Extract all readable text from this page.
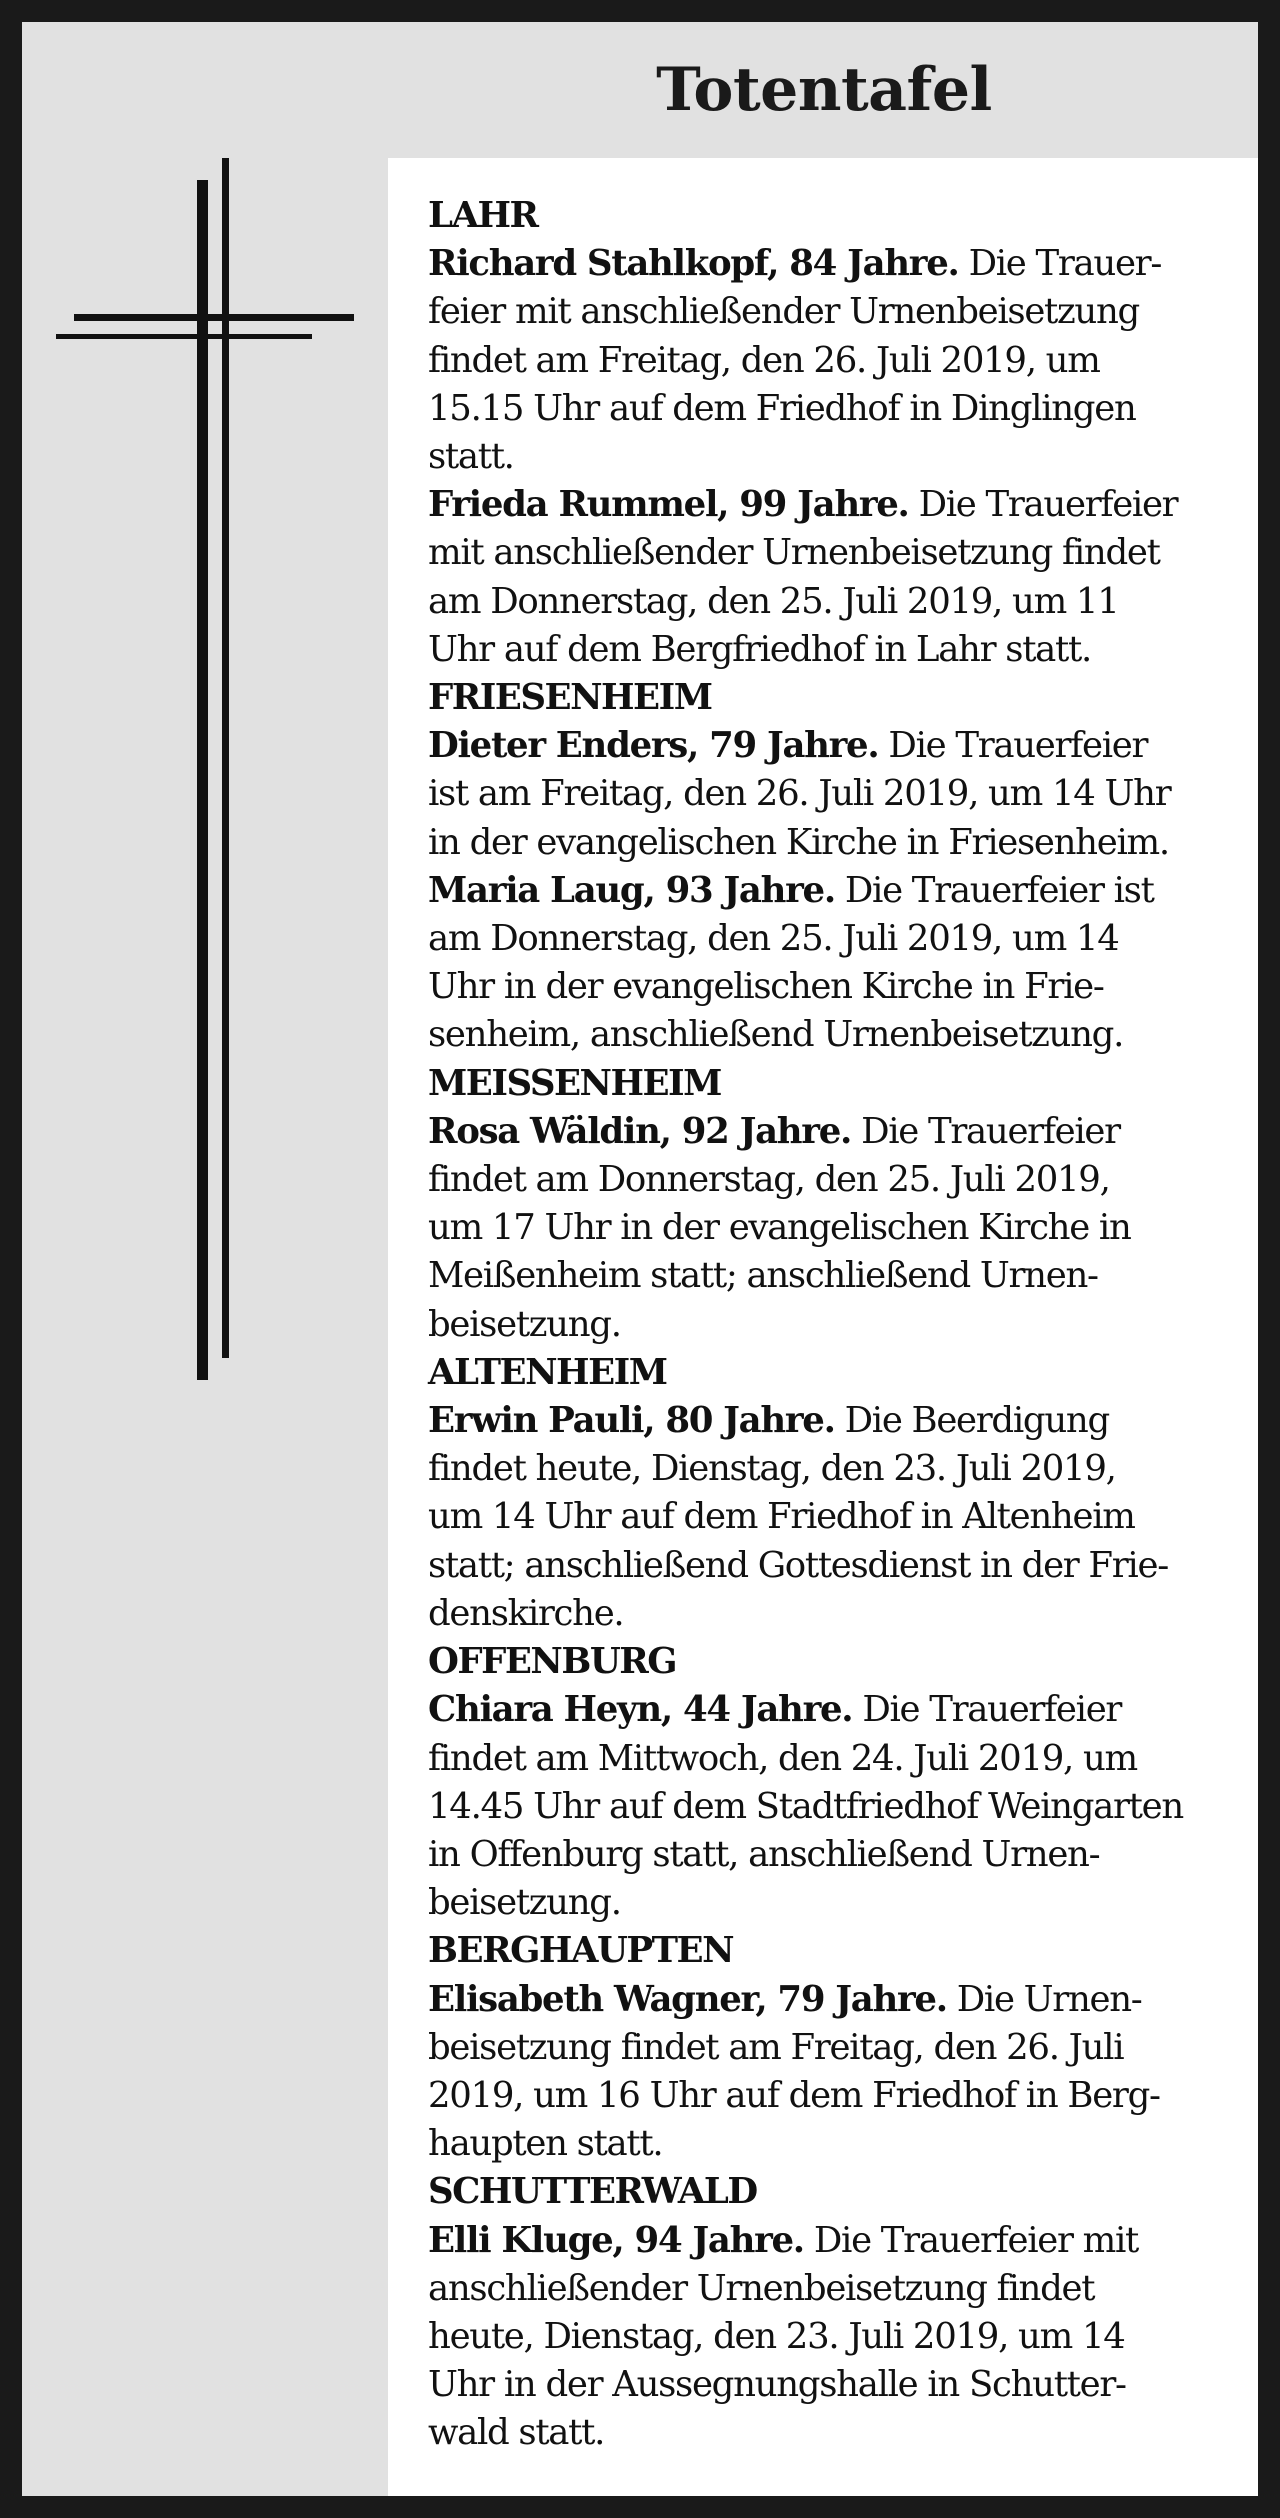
Totentafel
LAHR
Richard Stahlkopf, 84 Jahre. Die Trauer-
feier mit anschließender Urnenbeisetzung
findet am Freitag, den 26. Juli 2019, um
15.15 Uhr auf dem Friedhof in Dinglingen
statt.
Frieda Rummel, 99 Jahre. Die Trauerfeier
mit anschließender Urnenbeisetzung findet
am Donnerstag, den 25. Juli 2019, um 11
Uhr auf dem Bergfriedhof in Lahr statt.
FRIESENHEIM
Dieter Enders, 79 Jahre. Die Trauerfeier
ist am Freitag, den 26. Juli 2019, um 14 Uhr
in der evangelischen Kirche in Friesenheim.
Maria Laug, 93 Jahre. Die Trauerfeier ist
am Donnerstag, den 25. Juli 2019, um 14
Uhr in der evangelischen Kirche in Frie-
senheim, anschließend Urnenbeisetzung.
MEISSENHEIM
Rosa Wäldin, 92 Jahre. Die Trauerfeier
findet am Donnerstag, den 25. Juli 2019,
um 17 Uhr in der evangelischen Kirche in
Meißenheim statt; anschließend Urnen-
beisetzung.
ALTENHEIM
Erwin Pauli, 80 Jahre. Die Beerdigung
findet heute, Dienstag, den 23. Juli 2019,
um 14 Uhr auf dem Friedhof in Altenheim
statt; anschließend Gottesdienst in der Frie-
denskirche.
OFFENBURG
Chiara Heyn, 44 Jahre. Die Trauerfeier
findet am Mittwoch, den 24. Juli 2019, um
14.45 Uhr auf dem Stadtfriedhof Weingarten
in Offenburg statt, anschließend Urnen-
beisetzung.
BERGHAUPTEN
Elisabeth Wagner, 79 Jahre. Die Urnen-
beisetzung findet am Freitag, den 26. Juli
2019, um 16 Uhr auf dem Friedhof in Berg-
haupten statt.
SCHUTTERWALD
Elli Kluge, 94 Jahre. Die Trauerfeier mit
anschließender Urnenbeisetzung findet
heute, Dienstag, den 23. Juli 2019, um 14
Uhr in der Aussegnungshalle in Schutter-
wald statt.
